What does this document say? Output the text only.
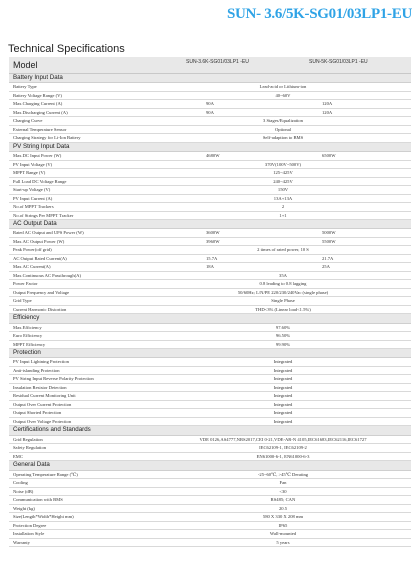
SUN- 3.6/5K-SG01/03LP1-EU
Technical Specifications
Model	SUN-3.6K-SG01/03LP1 -EU	SUN-5K-SG01/03LP1 -EU
Battery Input Data
Battery Type	Lead-acid or Lithium-ion
Battery Voltage Range (V)	40~60V
Max.Charging Current (A)	90A	120A
Max.Discharging Current (A)	90A	120A
Charging Curve	3 Stages/Equalization
External Temperature Sensor	Optional
Charging Strategy for Li-Ion Battery	Self-adaption to BMS
PV String Input Data
Max.DC Input Power (W)	4680W	6500W
PV Input Voltage (V)	370V(100V~500V)
MPPT Range (V)	125~425V
Full Load DC Voltage Range	240~425V
Start-up Voltage (V)	150V
PV Input Current (A)	13A+13A
No.of MPPT Trackers	2
No.of Strings Per MPPT Tracker	1+1
AC Output Data
Rated AC Output and UPS Power (W)	3600W	5000W
Max.AC Output Power (W)	3960W	5500W
Peak Power(off grid)	2 times of rated power, 10 S
AC Output Rated Current(A)	15.7A	21.7A
Max.AC Current(A)	18A	25A
Max.Continuous AC Passthrough(A)	35A
Power Factor	0.8 leading to 0.8 lagging
Output Frequency and Voltage	50/60Hz; L/N/PE 220/230/240Vac (single phase)
Grid Type	Single Phase
Current Harmonic Distortion	THD<3% (Linear load<1.5%)
Efficiency
Max.Efficiency	97.60%
Euro Efficiency	96.50%
MPPT Efficiency	99.90%
Protection
PV Input Lightning Protection	Integrated
Anti-islanding Protection	Integrated
PV String Input Reverse Polarity Protection	Integrated
Insulation Resistor Detection	Integrated
Residual Current Monitoring Unit	Integrated
Output Over Current Protection	Integrated
Output Shorted Protection	Integrated
Output Over Voltage Protection	Integrated
Certifications and Standards
Grid Regulation	VDE 0126,AS4777,NRS2017,CEI 0-21,VDE-AR-N 4105,IEC61683,IEC62116,IEC61727
Safety Regulation	IEC62109-1, IEC62109-2
EMC	EN61000-6-1, EN61000-6-3
General Data
Operating Temperature Range (℃)	-25~60℃, >45℃ Derating
Cooling	Fan
Noise (dB)	<30
Communication with BMS	RS485; CAN
Weight (kg)	20.5
Size(Length*Width*Height mm)	580 X 330 X 208 mm
Protection Degree	IP65
Installation Style	Wall-mounted
Warranty	5 years
